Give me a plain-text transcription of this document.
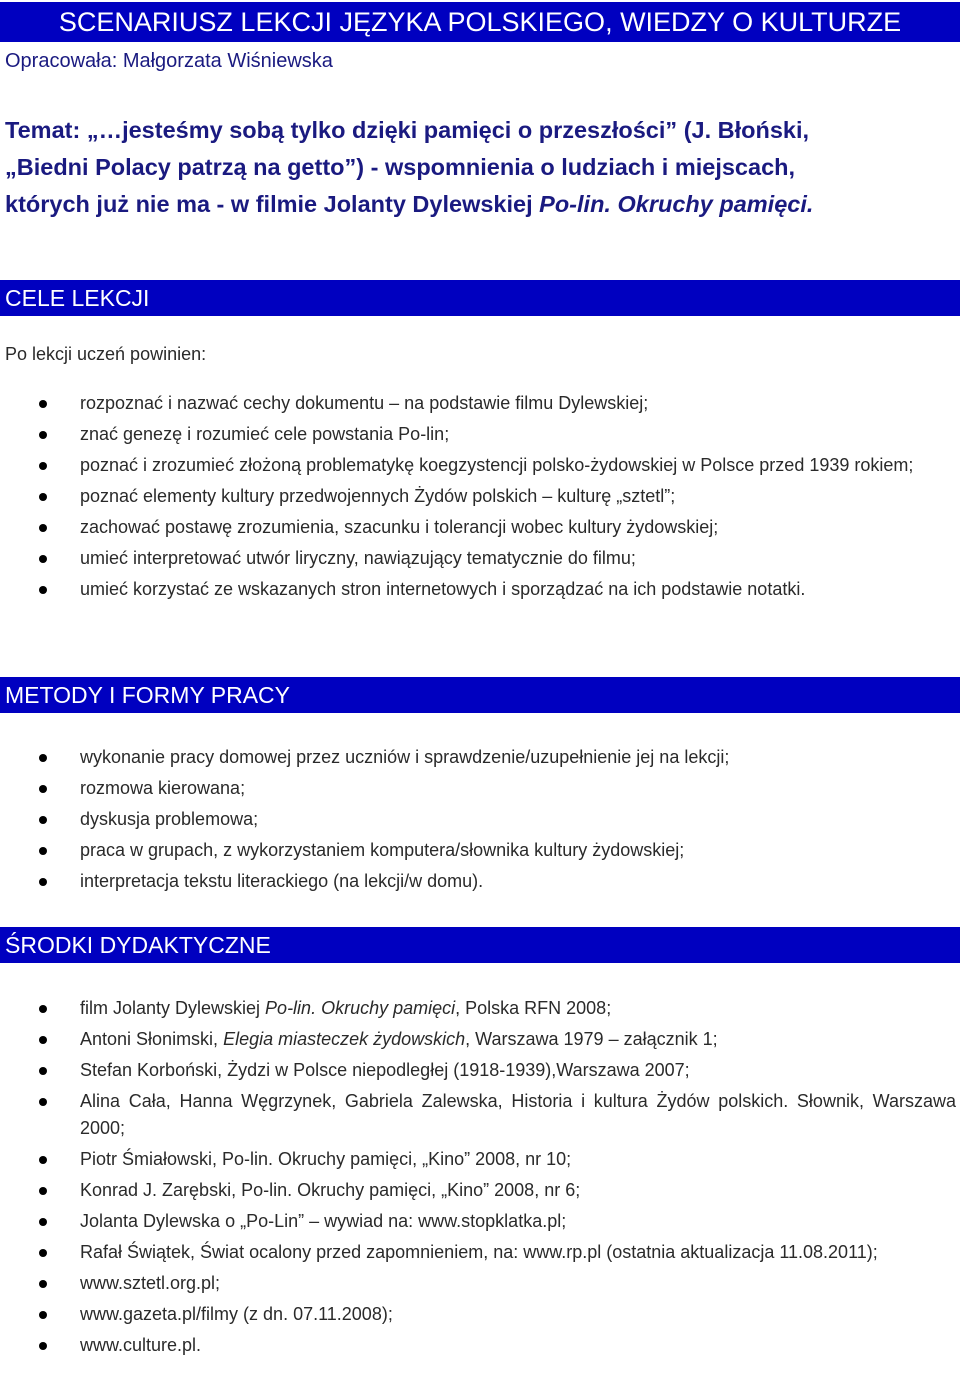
SCENARIUSZ LEKCJI JĘZYKA POLSKIEGO, WIEDZY O KULTURZE
Opracowała: Małgorzata Wiśniewska
Temat: „…jesteśmy sobą tylko dzięki pamięci o przeszłości” (J. Błoński,
„Biedni Polacy patrzą na getto”) - wspomnienia o ludziach i miejscach,
których już nie ma - w filmie Jolanty Dylewskiej Po-lin. Okruchy pamięci.
CELE LEKCJI
Po lekcji uczeń powinien:
rozpoznać i nazwać cechy dokumentu – na podstawie filmu Dylewskiej;
znać genezę i rozumieć cele powstania Po-lin;
poznać i zrozumieć złożoną problematykę koegzystencji polsko-żydowskiej w Polsce przed 1939 rokiem;
poznać elementy kultury przedwojennych Żydów polskich – kulturę „sztetl”;
zachować postawę zrozumienia, szacunku i tolerancji wobec kultury żydowskiej;
umieć interpretować utwór liryczny, nawiązujący tematycznie do filmu;
umieć korzystać ze wskazanych stron internetowych i sporządzać na ich podstawie notatki.
METODY I FORMY PRACY
wykonanie pracy domowej przez uczniów i sprawdzenie/uzupełnienie jej na lekcji;
rozmowa kierowana;
dyskusja problemowa;
praca w grupach, z wykorzystaniem komputera/słownika kultury żydowskiej;
interpretacja tekstu literackiego (na lekcji/w domu).
ŚRODKI DYDAKTYCZNE
film Jolanty Dylewskiej Po-lin. Okruchy pamięci, Polska RFN 2008;
Antoni Słonimski, Elegia miasteczek żydowskich, Warszawa 1979 – załącznik 1;
Stefan Korboński, Żydzi w Polsce niepodległej (1918-1939),Warszawa 2007;
Alina Cała, Hanna Węgrzynek, Gabriela Zalewska, Historia i kultura Żydów polskich. Słownik, Warszawa 2000;
Piotr Śmiałowski, Po-lin. Okruchy pamięci, „Kino” 2008, nr 10;
Konrad J. Zarębski, Po-lin. Okruchy pamięci, „Kino” 2008, nr 6;
Jolanta Dylewska o „Po-Lin” – wywiad na: www.stopklatka.pl;
Rafał Świątek, Świat ocalony przed zapomnieniem, na: www.rp.pl (ostatnia aktualizacja 11.08.2011);
www.sztetl.org.pl;
www.gazeta.pl/filmy (z dn. 07.11.2008);
www.culture.pl.
